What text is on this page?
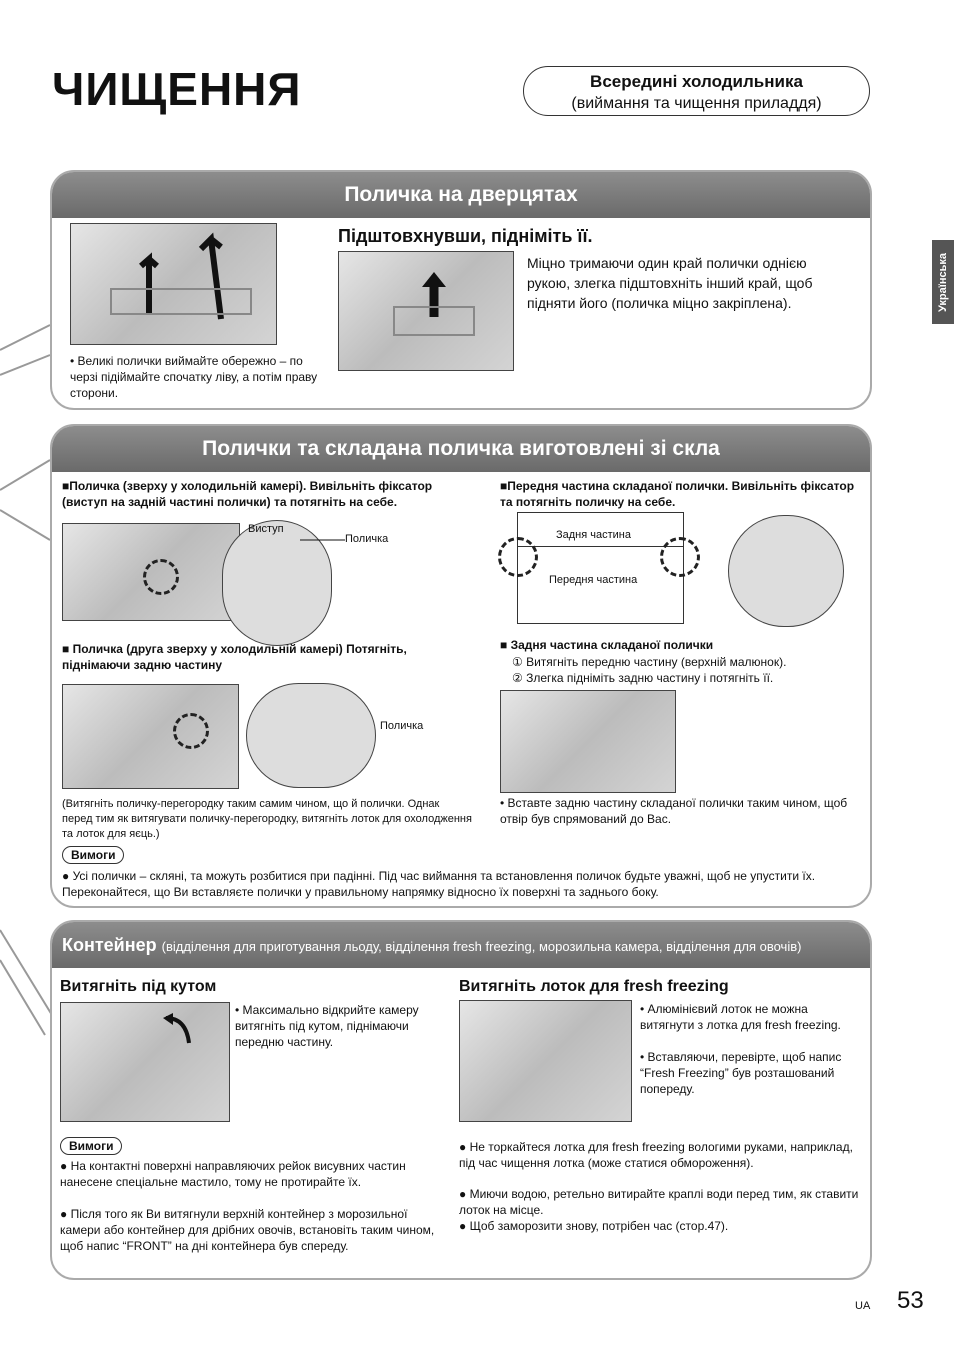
ЧИЩЕННЯ	Всередині холодильника
(виймання та чищення приладдя)
Українська
Поличка на дверцятах
• Великі полички виймайте обережно – по черзі підіймайте спочатку ліву, а потім праву сторони.
Підштовхнувши, підніміть її.
Міцно тримаючи один край полички однією рукою, злегка підштовхніть інший край, щоб підняти його (поличка міцно закріплена).
Полички та складана поличка виготовлені зі скла
■Поличка (зверху у холодильній камері). Вивільніть фіксатор (виступ на задній частині полички) та потягніть на себе.
Виступ
Поличка
■Передня частина складаної полички. Вивільніть фіксатор та потягніть поличку на себе.
Задня частина
Передня частина
■ Поличка (друга зверху у холодильній камері) Потягніть, піднімаючи задню частину
Поличка
■ Задня частина складаної полички
① Витягніть передню частину (верхній малюнок).
② Злегка підніміть задню частину і потягніть її.
(Витягніть поличку-перегородку таким самим чином, що й полички. Однак перед тим як витягувати поличку-перегородку, витягніть лоток для охолодження та лоток для яєць.)
• Вставте задню частину складаної полички таким чином, щоб отвір був спрямований до Вас.
Вимоги
● Усі полички – скляні, та можуть розбитися при падінні. Під час виймання та встановлення поличок будьте уважні, щоб не упустити їх. Переконайтеся, що Ви вставляєте полички у правильному напрямку відносно їх поверхні та заднього боку.
Контейнер (відділення для приготування льоду, відділення fresh freezing, морозильна камера, відділення для овочів)
Витягніть під кутом
• Максимально відкрийте камеру витягніть під кутом, піднімаючи передню частину.
Витягніть лоток для fresh freezing
• Алюмінієвий лоток не можна витягнути з лотка для fresh freezing.
• Вставляючи, перевірте, щоб напис “Fresh Freezing” був розташований попереду.
Вимоги
● На контактні поверхні направляючих рейок висувних частин нанесене спеціальне мастило, тому не протирайте їх.
● Після того як Ви витягнули верхній контейнер з морозильної камери або контейнер для дрібних овочів, встановіть таким чином, щоб напис “FRONT” на дні контейнера був спереду.
● Не торкайтеся лотка для fresh freezing вологими руками, наприклад, під час чищення лотка (може статися обмороження).
● Миючи водою, ретельно витирайте краплі води перед тим, як ставити лоток на місце.
● Щоб заморозити знову, потрібен час (стор.47).
UA 53
